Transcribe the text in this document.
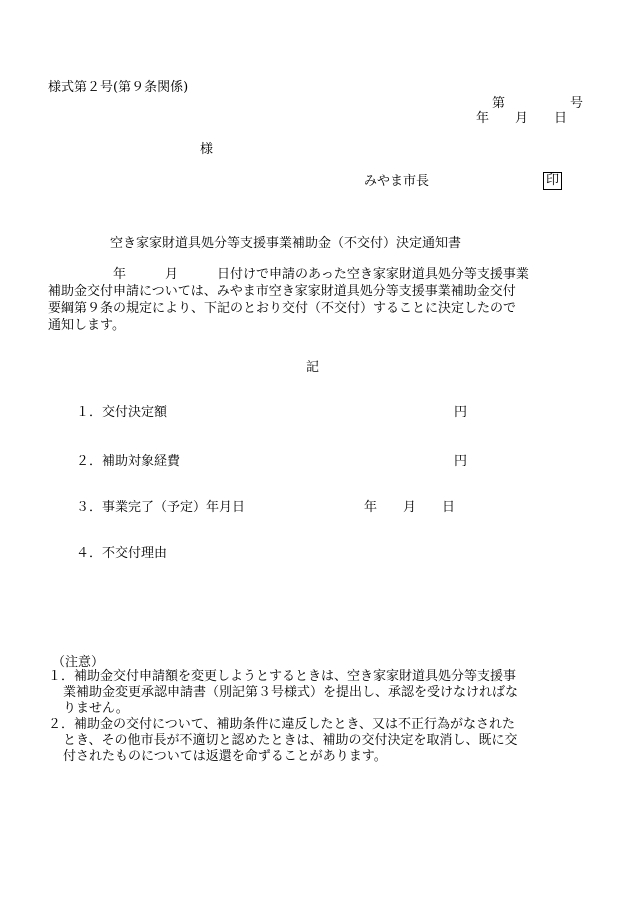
様式第２号(第９条関係)
第　　　　　号
年　　月　　日
様
みやま市長	印
空き家家財道具処分等支援事業補助金（不交付）決定通知書
　　　　　年　　　月　　　日付けで申請のあった空き家家財道具処分等支援事業
補助金交付申請については、みやま市空き家家財道具処分等支援事業補助金交付
要綱第９条の規定により、下記のとおり交付（不交付）することに決定したので
通知します。
記
１．交付決定額	円
２．補助対象経費	円
３．事業完了（予定）年月日	年　　月　　日
４．不交付理由
（注意）
１．補助金交付申請額を変更しようとするときは、空き家家財道具処分等支援事
業補助金変更承認申請書（別記第３号様式）を提出し、承認を受けなければな
りません。
２．補助金の交付について、補助条件に違反したとき、又は不正行為がなされた
とき、その他市長が不適切と認めたときは、補助の交付決定を取消し、既に交
付されたものについては返還を命ずることがあります。
